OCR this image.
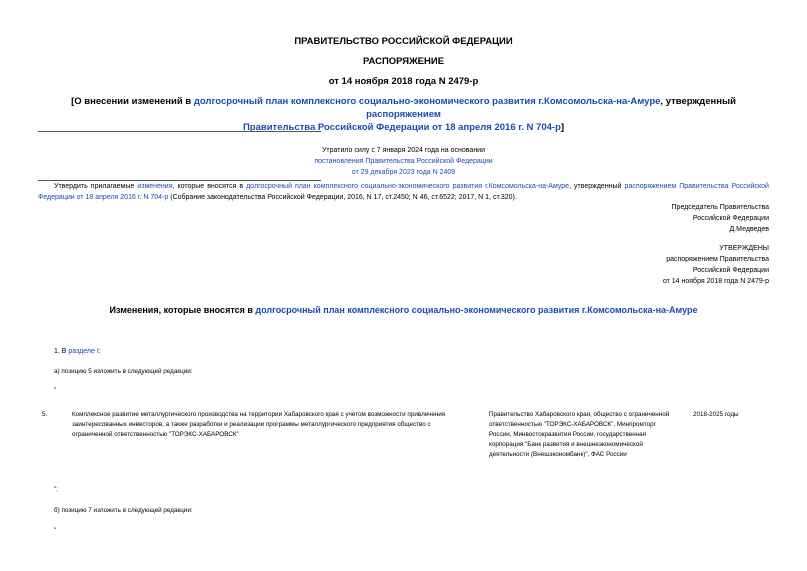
ПРАВИТЕЛЬСТВО РОССИЙСКОЙ ФЕДЕРАЦИИ
РАСПОРЯЖЕНИЕ
от 14 ноября 2018 года N 2479-р
[О внесении изменений в долгосрочный план комплексного социально-экономического развития г.Комсомольска-на-Амуре, утвержденный распоряжением
Правительства Российской Федерации от 18 апреля 2016 г. N 704-р]
Утратило силу с 7 января 2024 года на основании
постановления Правительства Российской Федерации
от 29 декабря 2023 года N 2409
Утвердить прилагаемые изменения, которые вносятся в долгосрочный план комплексного социально-экономического развития г.Комсомольска-на-Амуре, утвержденный распоряжением Правительства Российской Федерации от 18 апреля 2016 г. N 704-р (Собрание законодательства Российской Федерации, 2016, N 17, ст.2450; N 46, ст.6522; 2017, N 1, ст.320).
Председатель Правительства
Российской Федерации
Д.Медведев
УТВЕРЖДЕНЫ
распоряжением Правительства
Российской Федерации
от 14 ноября 2018 года N 2479-р
Изменения, которые вносятся в долгосрочный план комплексного социально-экономического развития г.Комсомольска-на-Амуре
1. В разделе I:
а) позицию 5 изложить в следующей редакции:
"
5.	Комплексное развитие металлургического производства на территории Хабаровского края с учетом возможности привлечения заинтересованных инвесторов, а также разработки и реализации программы металлургического предприятия общество с ограниченной ответственностью "ТОРЭКС-ХАБАРОВСК"
Правительство Хабаровского края, общество с ограниченной ответственностью "ТОРЭКС-ХАБАРОВСК", Минпромторг России, Минвостокразвития России, государственная корпорация "Банк развития и внешнеэкономической деятельности (Внешэкономбанк)", ФАС России
2018-2025 годы
";
б) позицию 7 изложить в следующей редакции:
"
